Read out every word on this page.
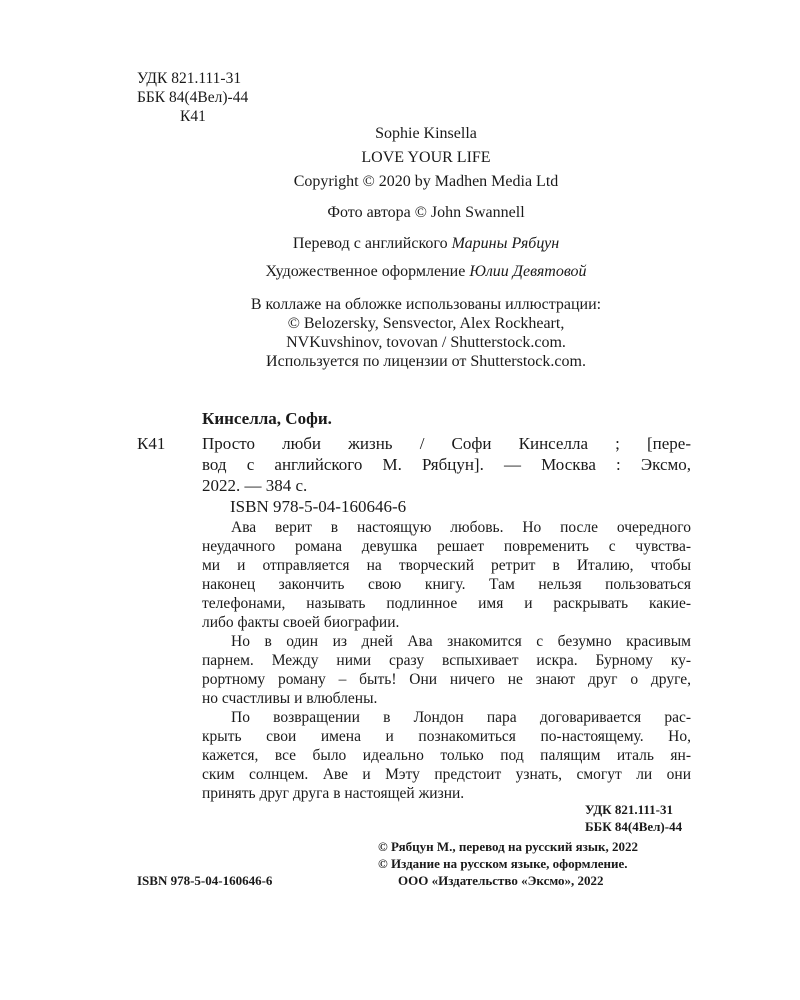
УДК 821.111-31
ББК 84(4Вел)-44
К41
Sophie Kinsella
LOVE YOUR LIFE
Copyright © 2020 by Madhen Media Ltd
Фото автора © John Swannell
Перевод с английского Марины Рябцун
Художественное оформление Юлии Девятовой
В коллаже на обложке использованы иллюстрации:
© Belozersky, Sensvector, Alex Rockheart,
NVKuvshinov, tovovan / Shutterstock.com.
Используется по лицензии от Shutterstock.com.
Кинселла, Софи.
К41 Просто люби жизнь / Софи Кинселла ; [пере-
вод с английского М. Рябцун]. — Москва : Эксмо,
2022. — 384 с.
ISBN 978-5-04-160646-6
Ава верит в настоящую любовь. Но после очередного
неудачного романа девушка решает повременить с чувства-
ми и отправляется на творческий ретрит в Италию, чтобы
наконец закончить свою книгу. Там нельзя пользоваться
телефонами, называть подлинное имя и раскрывать какие-
либо факты своей биографии.
Но в один из дней Ава знакомится с безумно красивым
парнем. Между ними сразу вспыхивает искра. Бурному ку-
рортному роману – быть! Они ничего не знают друг о друге,
но счастливы и влюблены.
По возвращении в Лондон пара договаривается рас-
крыть свои имена и познакомиться по-настоящему. Но,
кажется, все было идеально только под палящим италь ян-
ским солнцем. Аве и Мэту предстоит узнать, смогут ли они
принять друг друга в настоящей жизни.
УДК 821.111-31
ББК 84(4Вел)-44
© Рябцун М., перевод на русский язык, 2022
© Издание на русском языке, оформление.
ISBN 978-5-04-160646-6	ООО «Издательство «Эксмо», 2022
